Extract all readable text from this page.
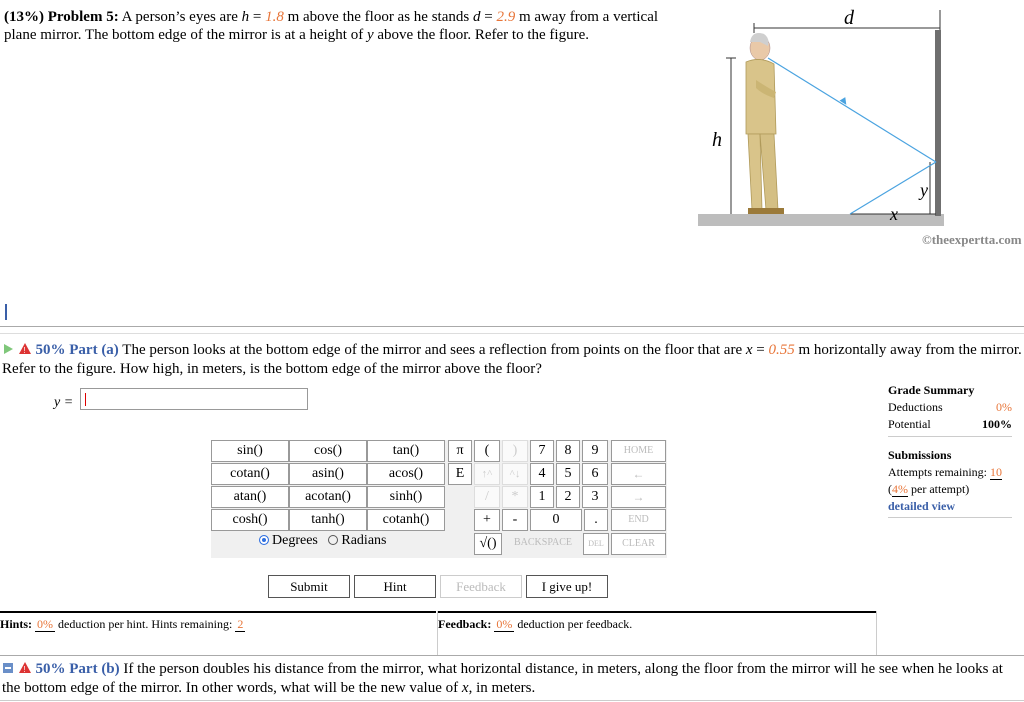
(13%) Problem 5: A person’s eyes are h = 1.8 m above the floor as he stands d = 2.9 m away from a vertical plane mirror. The bottom edge of the mirror is at a height of y above the floor. Refer to the figure.
d
h
y
x
©theexpertta.com

! 50% Part (a) The person looks at the bottom edge of the mirror and sees a reflection from points on the floor that are x = 0.55 m horizontally away from the mirror. Refer to the figure. How high, in meters, is the bottom edge of the mirror above the floor?
y =
Grade Summary
Deductions	0%
Potential	100%
Submissions
Attempts remaining: 10
(4% per attempt)
detailed view
sin()	cos()	tan()
cotan()	asin()	acos()
atan()	acotan()	sinh()
cosh()	tanh()	cotanh()
Degrees Radians
π	(	)
E	↑^	^↓
/	*
+	-
√()	BACKSPACE	DEL	CLEAR
7	8	9
4	5	6
1	2	3
0	.
HOME
←
→
END
Submit	Hint	Feedback	I give up!
Hints: 0% deduction per hint. Hints remaining: 2	Feedback: 0% deduction per feedback.

! 50% Part (b) If the person doubles his distance from the mirror, what horizontal distance, in meters, along the floor from the mirror will he see when he looks at the bottom edge of the mirror. In other words, what will be the new value of x, in meters.
